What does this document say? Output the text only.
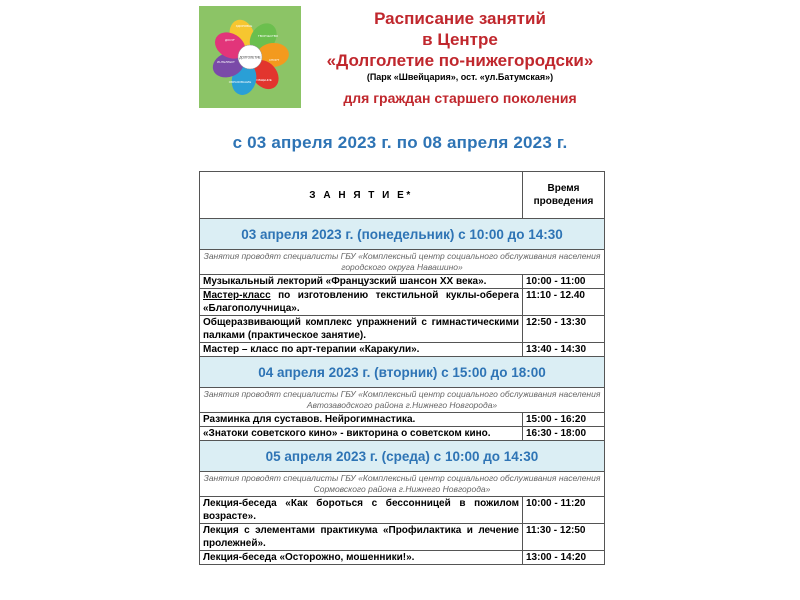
ДОЛГОЛЕТИЕ
ЗДОРОВЬЕ
ТВОРЧЕСТВО
СПОРТ
ОБЩЕНИЕ
ОБРАЗОВАНИЕ
ИНТЕЛЛЕКТ
ДОСУГ
Расписание занятий
в Центре
«Долголетие по-нижегородски»
(Парк «Швейцария», ост. «ул.Батумская»)
для граждан старшего поколения
с 03 апреля 2023 г. по 08 апреля 2023 г.
З А Н Я Т И Е*	Время проведения
03 апреля 2023 г. (понедельник) с 10:00 до 14:30	
Занятия проводят специалисты ГБУ «Комплексный центр социального обслуживания населения городского округа Навашино»	
Музыкальный лекторий «Французский шансон XX века».	10:00 - 11:00
Мастер-класс по изготовлению текстильной куклы-оберега «Благополучница».	11:10 - 12.40
Общеразвивающий комплекс упражнений с гимнастическими палками (практическое занятие).	12:50 - 13:30
Мастер – класс по арт-терапии «Каракули».	13:40 - 14:30
04 апреля 2023 г. (вторник) с 15:00 до 18:00	
Занятия проводят специалисты ГБУ «Комплексный центр социального обслуживания населения Автозаводского района г.Нижнего Новгорода»	
Разминка для суставов. Нейрогимнастика.	15:00 - 16:20
«Знатоки советского кино» - викторина о советском кино.	16:30 - 18:00
05 апреля 2023 г. (среда) с 10:00 до 14:30	
Занятия проводят специалисты ГБУ «Комплексный центр социального обслуживания населения Сормовского района г.Нижнего Новгорода»	
Лекция-беседа «Как бороться с бессонницей в пожилом возрасте».	10:00 - 11:20
Лекция с элементами практикума «Профилактика и лечение пролежней».	11:30 - 12:50
Лекция-беседа «Осторожно, мошенники!».	13:00 - 14:20
